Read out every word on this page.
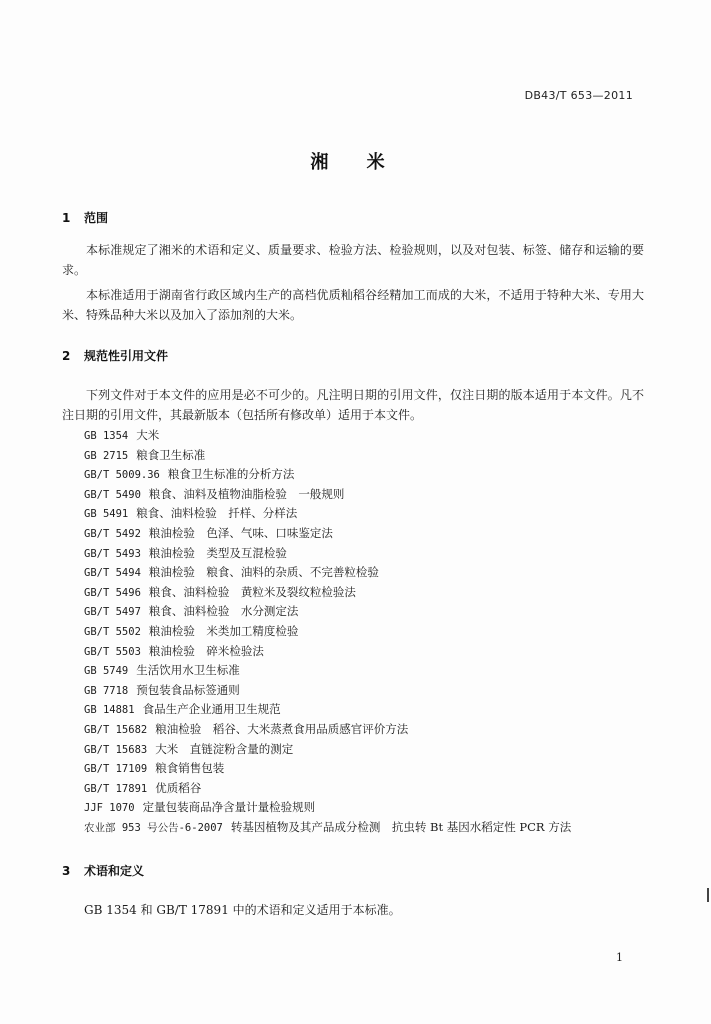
DB43/T 653—2011
湘 米
1 范围

本标准规定了湘米的术语和定义、质量要求、检验方法、检验规则，以及对包装、标签、储存和运输的要求。

本标准适用于湖南省行政区域内生产的高档优质籼稻谷经精加工而成的大米，不适用于特种大米、专用大米、特殊品种大米以及加入了添加剂的大米。

2 规范性引用文件

下列文件对于本文件的应用是必不可少的。凡注明日期的引用文件，仅注日期的版本适用于本文件。凡不注日期的引用文件，其最新版本（包括所有修改单）适用于本文件。

GB 1354 大米
GB 2715 粮食卫生标准
GB/T 5009.36 粮食卫生标准的分析方法
GB/T 5490 粮食、油料及植物油脂检验　一般规则
GB 5491 粮食、油料检验　扦样、分样法
GB/T 5492 粮油检验　色泽、气味、口味鉴定法
GB/T 5493 粮油检验　类型及互混检验
GB/T 5494 粮油检验　粮食、油料的杂质、不完善粒检验
GB/T 5496 粮食、油料检验　黄粒米及裂纹粒检验法
GB/T 5497 粮食、油料检验　水分测定法
GB/T 5502 粮油检验　米类加工精度检验
GB/T 5503 粮油检验　碎米检验法
GB 5749 生活饮用水卫生标准
GB 7718 预包装食品标签通则
GB 14881 食品生产企业通用卫生规范
GB/T 15682 粮油检验　稻谷、大米蒸煮食用品质感官评价方法
GB/T 15683 大米　直链淀粉含量的测定
GB/T 17109 粮食销售包装
GB/T 17891 优质稻谷
JJF 1070 定量包装商品净含量计量检验规则
农业部 953 号公告-6-2007 转基因植物及其产品成分检测　抗虫转 Bt 基因水稻定性 PCR 方法
3 术语和定义

GB 1354 和 GB/T 17891 中的术语和定义适用于本标准。

1
